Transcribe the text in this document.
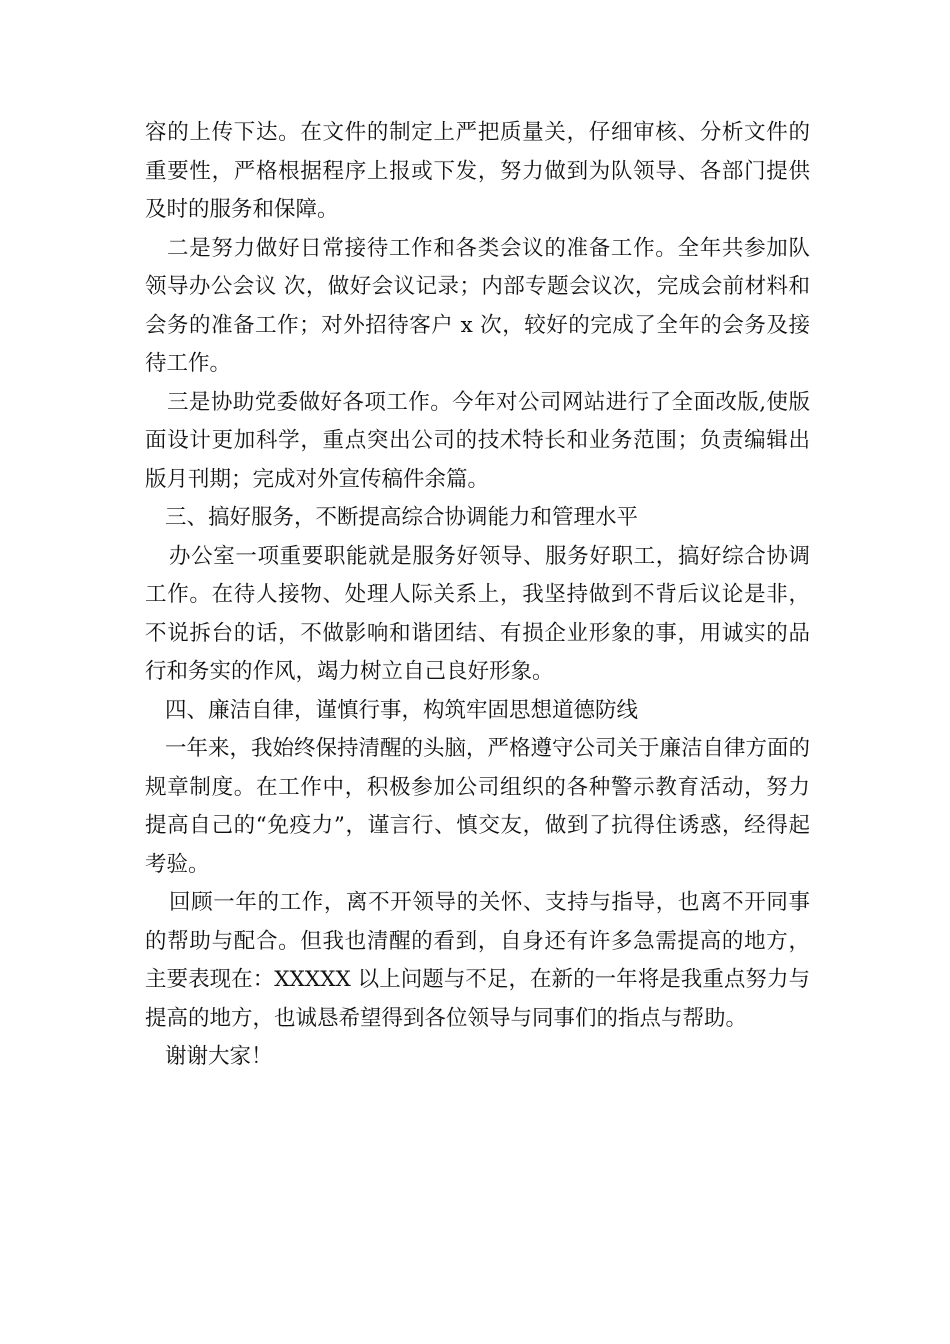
容的上传下达。在文件的制定上严把质量关，仔细审核、分析文件的重要性，严格根据程序上报或下发，努力做到为队领导、各部门提供及时的服务和保障。

二是努力做好日常接待工作和各类会议的准备工作。全年共参加队领导办公会议 次，做好会议记录；内部专题会议次，完成会前材料和会务的准备工作；对外招待客户 x 次，较好的完成了全年的会务及接待工作。

三是协助党委做好各项工作。今年对公司网站进行了全面改版,使版面设计更加科学，重点突出公司的技术特长和业务范围；负责编辑出版月刊期；完成对外宣传稿件余篇。

三、搞好服务，不断提高综合协调能力和管理水平

办公室一项重要职能就是服务好领导、服务好职工，搞好综合协调工作。在待人接物、处理人际关系上，我坚持做到不背后议论是非，不说拆台的话，不做影响和谐团结、有损企业形象的事，用诚实的品行和务实的作风，竭力树立自己良好形象。

四、廉洁自律，谨慎行事，构筑牢固思想道德防线

一年来，我始终保持清醒的头脑，严格遵守公司关于廉洁自律方面的规章制度。在工作中，积极参加公司组织的各种警示教育活动，努力提高自己的“免疫力”，谨言行、慎交友，做到了抗得住诱惑，经得起考验。

回顾一年的工作，离不开领导的关怀、支持与指导，也离不开同事的帮助与配合。但我也清醒的看到，自身还有许多急需提高的地方，主要表现在：XXXXX 以上问题与不足，在新的一年将是我重点努力与提高的地方，也诚恳希望得到各位领导与同事们的指点与帮助。

谢谢大家！
